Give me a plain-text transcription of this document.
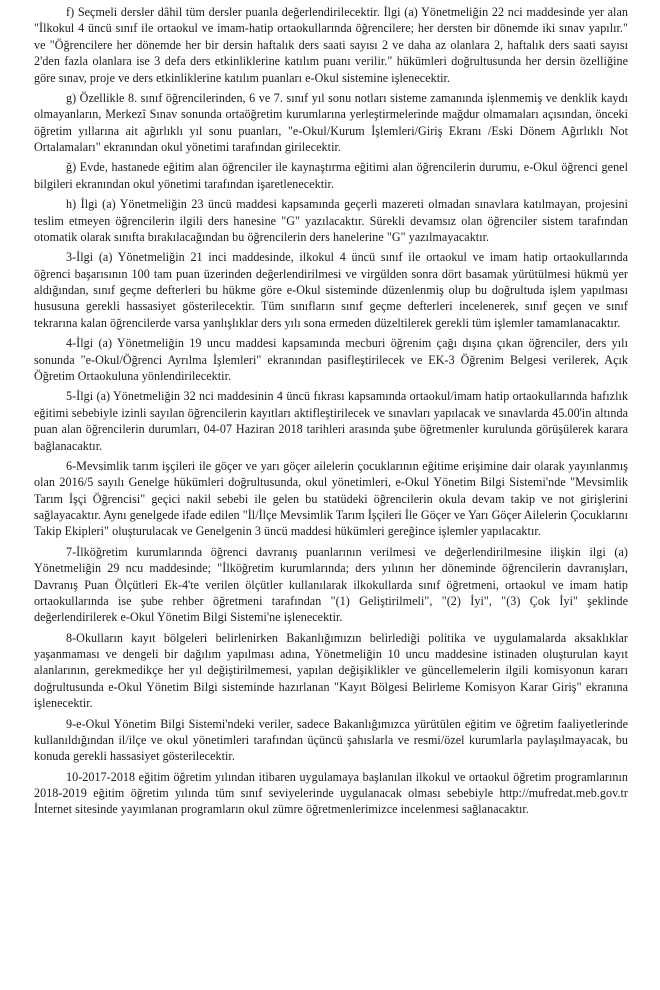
f) Seçmeli dersler dâhil tüm dersler puanla değerlendirilecektir. İlgi (a) Yönetmeliğin 22 nci maddesinde yer alan "İlkokul 4 üncü sınıf ile ortaokul ve imam-hatip ortaokullarında öğrencilere; her dersten bir dönemde iki sınav yapılır." ve "Öğrencilere her dönemde her bir dersin haftalık ders saati sayısı 2 ve daha az olanlara 2, haftalık ders saati sayısı 2'den fazla olanlara ise 3 defa ders etkinliklerine katılım puanı verilir." hükümleri doğrultusunda her dersin özelliğine göre sınav, proje ve ders etkinliklerine katılım puanları e-Okul sistemine işlenecektir.

g) Özellikle 8. sınıf öğrencilerinden, 6 ve 7. sınıf yıl sonu notları sisteme zamanında işlenmemiş ve denklik kaydı olmayanların, Merkezî Sınav sonunda ortaöğretim kurumlarına yerleştirmelerinde mağdur olmamaları açısından, önceki öğretim yıllarına ait ağırlıklı yıl sonu puanları, "e-Okul/Kurum İşlemleri/Giriş Ekranı /Eski Dönem Ağırlıklı Not Ortalamaları" ekranından okul yönetimi tarafından girilecektir.

ğ) Evde, hastanede eğitim alan öğrenciler ile kaynaştırma eğitimi alan öğrencilerin durumu, e-Okul öğrenci genel bilgileri ekranından okul yönetimi tarafından işaretlenecektir.

h) İlgi (a) Yönetmeliğin 23 üncü maddesi kapsamında geçerli mazereti olmadan sınavlara katılmayan, projesini teslim etmeyen öğrencilerin ilgili ders hanesine "G" yazılacaktır. Sürekli devamsız olan öğrenciler sistem tarafından otomatik olarak sınıfta bırakılacağından bu öğrencilerin ders hanelerine "G" yazılmayacaktır.

3-İlgi (a) Yönetmeliğin 21 inci maddesinde, ilkokul 4 üncü sınıf ile ortaokul ve imam hatip ortaokullarında öğrenci başarısının 100 tam puan üzerinden değerlendirilmesi ve virgülden sonra dört basamak yürütülmesi hükmü yer aldığından, sınıf geçme defterleri bu hükme göre e-Okul sisteminde düzenlenmiş olup bu doğrultuda işlem yapılması hususuna gerekli hassasiyet gösterilecektir. Tüm sınıfların sınıf geçme defterleri incelenerek, sınıf geçen ve sınıf tekrarına kalan öğrencilerde varsa yanlışlıklar ders yılı sona ermeden düzeltilerek gerekli tüm işlemler tamamlanacaktır.

4-İlgi (a) Yönetmeliğin 19 uncu maddesi kapsamında mecburi öğrenim çağı dışına çıkan öğrenciler, ders yılı sonunda "e-Okul/Öğrenci Ayrılma İşlemleri" ekranından pasifleştirilecek ve EK-3 Öğrenim Belgesi verilerek, Açık Öğretim Ortaokuluna yönlendirilecektir.

5-İlgi (a) Yönetmeliğin 32 nci maddesinin 4 üncü fıkrası kapsamında ortaokul/imam hatip ortaokullarında hafızlık eğitimi sebebiyle izinli sayılan öğrencilerin kayıtları aktifleştirilecek ve sınavları yapılacak ve sınavlarda 45.00'in altında puan alan öğrencilerin durumları, 04-07 Haziran 2018 tarihleri arasında şube öğretmenler kurulunda görüşülerek karara bağlanacaktır.

6-Mevsimlik tarım işçileri ile göçer ve yarı göçer ailelerin çocuklarının eğitime erişimine dair olarak yayınlanmış olan 2016/5 sayılı Genelge hükümleri doğrultusunda, okul yönetimleri, e-Okul Yönetim Bilgi Sistemi'nde "Mevsimlik Tarım İşçi Öğrencisi" geçici nakil sebebi ile gelen bu statüdeki öğrencilerin okula devam takip ve not girişlerini sağlayacaktır. Aynı genelgede ifade edilen "İl/İlçe Mevsimlik Tarım İşçileri İle Göçer ve Yarı Göçer Ailelerin Çocuklarını Takip Ekipleri" oluşturulacak ve Genelgenin 3 üncü maddesi hükümleri gereğince işlemler yapılacaktır.

7-İlköğretim kurumlarında öğrenci davranış puanlarının verilmesi ve değerlendirilmesine ilişkin ilgi (a) Yönetmeliğin 29 ncu maddesinde; "İlköğretim kurumlarında; ders yılının her döneminde öğrencilerin davranışları, Davranış Puan Ölçütleri Ek-4'te verilen ölçütler kullanılarak ilkokullarda sınıf öğretmeni, ortaokul ve imam hatip ortaokullarında ise şube rehber öğretmeni tarafından "(1) Geliştirilmeli", "(2) İyi", "(3) Çok İyi" şeklinde değerlendirilerek e-Okul Yönetim Bilgi Sistemi'ne işlenecektir.

8-Okulların kayıt bölgeleri belirlenirken Bakanlığımızın belirlediği politika ve uygulamalarda aksaklıklar yaşanmaması ve dengeli bir dağılım yapılması adına, Yönetmeliğin 10 uncu maddesine istinaden oluşturulan kayıt alanlarının, gerekmedikçe her yıl değiştirilmemesi, yapılan değişiklikler ve güncellemelerin ilgili komisyonun kararı doğrultusunda e-Okul Yönetim Bilgi sisteminde hazırlanan "Kayıt Bölgesi Belirleme Komisyon Karar Giriş" ekranına işlenecektir.

9-e-Okul Yönetim Bilgi Sistemi'ndeki veriler, sadece Bakanlığımızca yürütülen eğitim ve öğretim faaliyetlerinde kullanıldığından il/ilçe ve okul yönetimleri tarafından üçüncü şahıslarla ve resmi/özel kurumlarla paylaşılmayacak, bu konuda gerekli hassasiyet gösterilecektir.

10-2017-2018 eğitim öğretim yılından itibaren uygulamaya başlanılan ilkokul ve ortaokul öğretim programlarının 2018-2019 eğitim öğretim yılında tüm sınıf seviyelerinde uygulanacak olması sebebiyle http://mufredat.meb.gov.tr İnternet sitesinde yayımlanan programların okul zümre öğretmenlerimizce incelenmesi sağlanacaktır.
